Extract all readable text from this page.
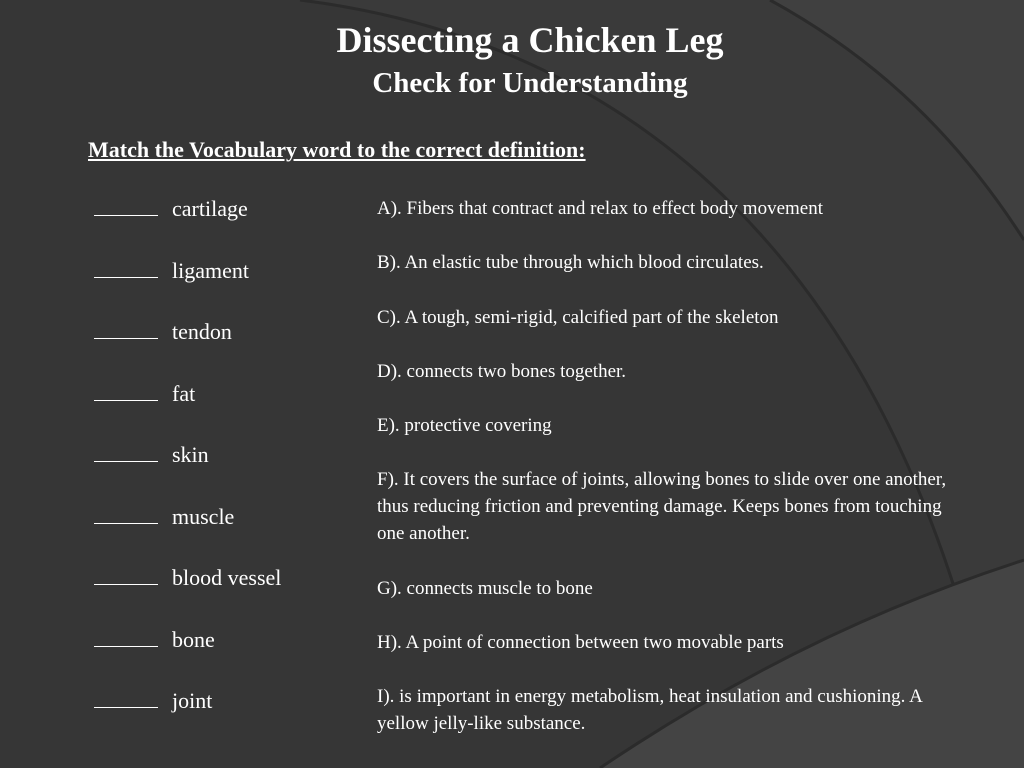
Dissecting a Chicken Leg
Check for Understanding

Match the Vocabulary word to the correct definition:

cartilage
ligament
tendon
fat
skin
muscle
blood vessel
bone
joint
A). Fibers that contract and relax to effect body movement
B). An elastic tube through which blood circulates.
C). A tough, semi-rigid, calcified part of the skeleton
D). connects two bones together.
E). protective covering
F). It covers the surface of joints, allowing bones to slide over one another, thus reducing friction and preventing damage. Keeps bones from touching one another.
G). connects muscle to bone
H). A point of connection between two movable parts
I). is important in energy metabolism, heat insulation and cushioning. A yellow jelly-like substance.
